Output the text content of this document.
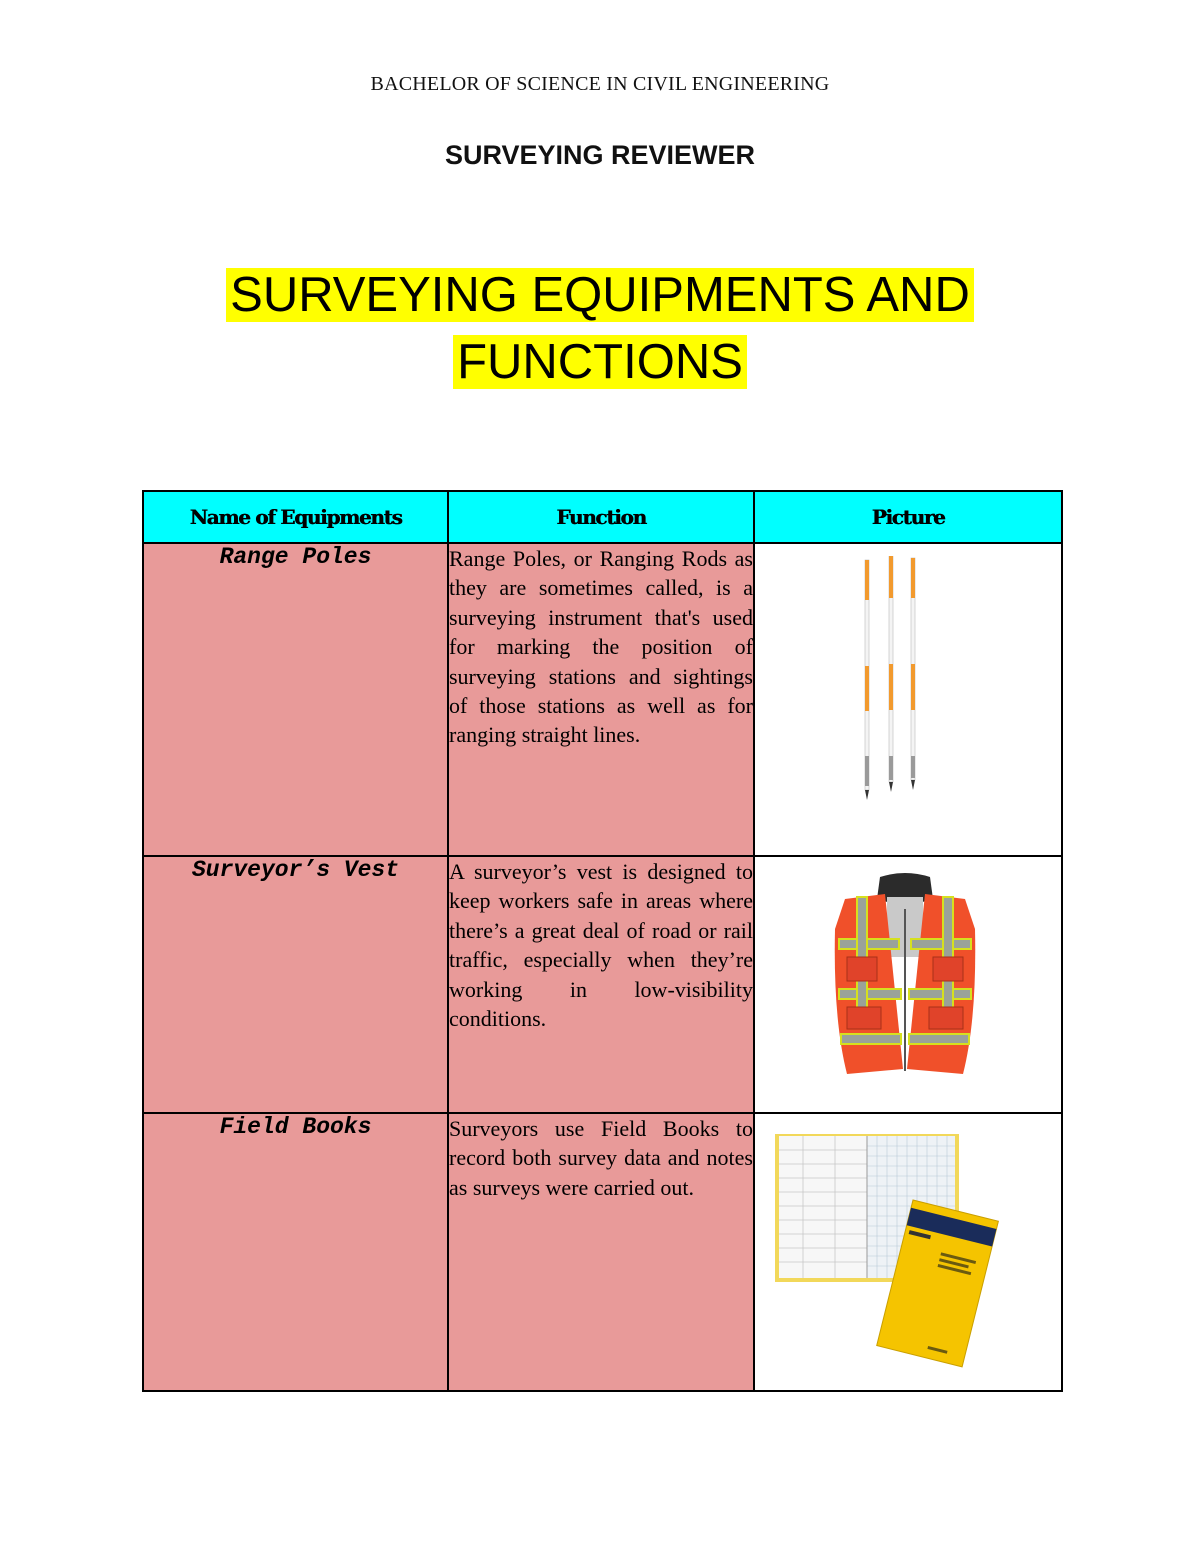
BACHELOR OF SCIENCE IN CIVIL ENGINEERING
SURVEYING REVIEWER
SURVEYING EQUIPMENTS AND
FUNCTIONS
Name of Equipments	Function	Picture
Range Poles	Range Poles, or Ranging Rods as they are sometimes called, is a surveying instrument that's used for marking the position of surveying stations and sightings of those stations as well as for ranging straight lines.	

Surveyor’s Vest	A surveyor’s vest is designed to keep workers safe in areas where there’s a great deal of road or rail traffic, especially when they’re working in low-visibility conditions.	

Field Books	Surveyors use Field Books to record both survey data and notes as surveys were carried out.	
